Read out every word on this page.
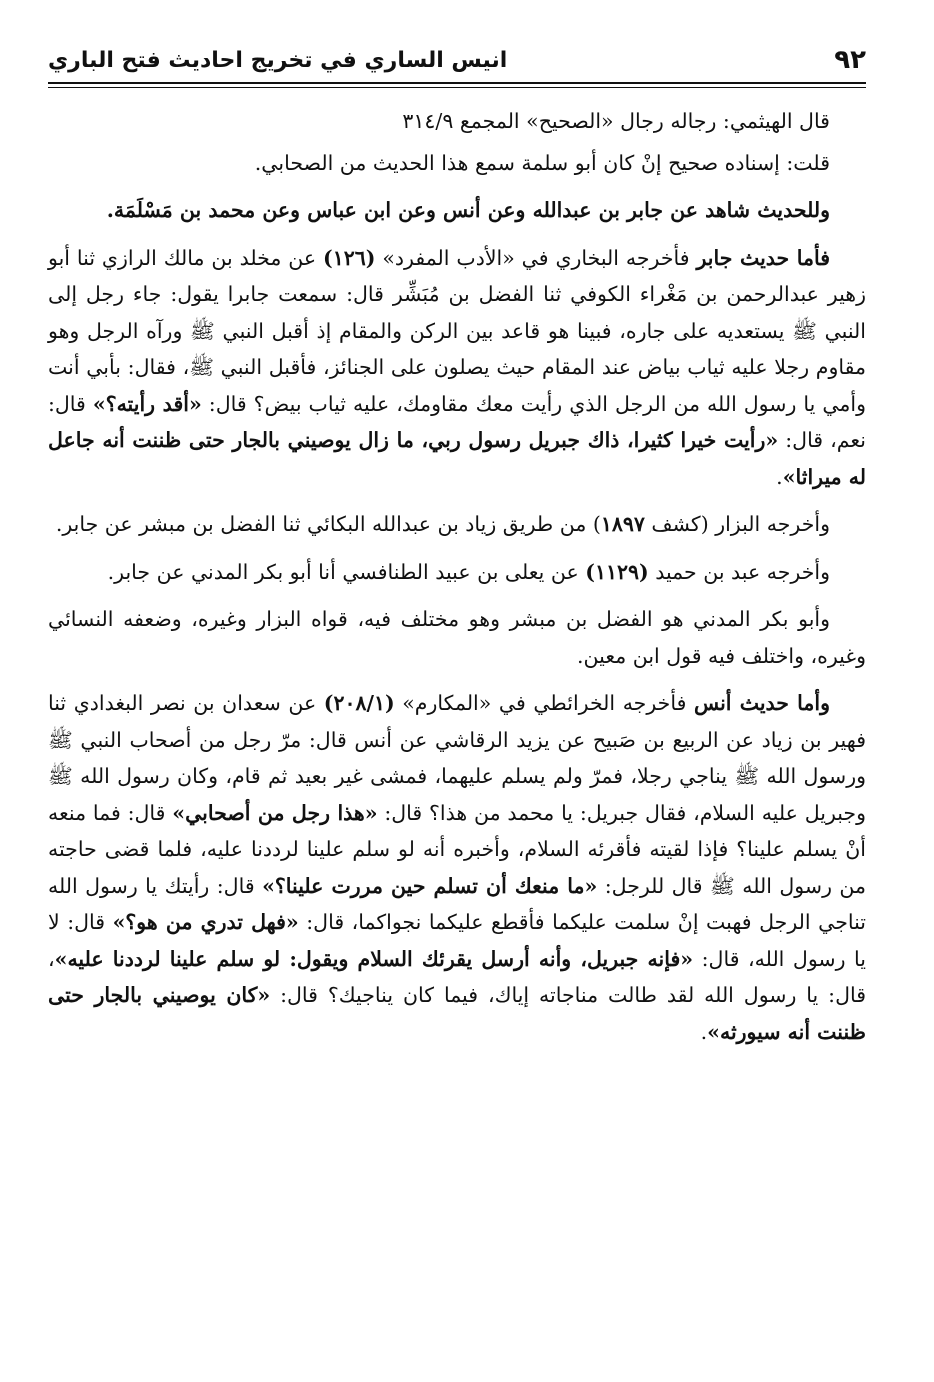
٩٢
انيس الساري في تخريج احاديث فتح الباري

قال الهيثمي: رجاله رجال «الصحيح» المجمع ٣١٤/٩

قلت: إسناده صحيح إنْ كان أبو سلمة سمع هذا الحديث من الصحابي.

وللحديث شاهد عن جابر بن عبدالله وعن أنس وعن ابن عباس وعن محمد بن مَسْلَمَة.

فأما حديث جابر فأخرجه البخاري في «الأدب المفرد» (١٢٦) عن مخلد بن مالك الرازي ثنا أبو زهير عبدالرحمن بن مَغْراء الكوفي ثنا الفضل بن مُبَشِّر قال: سمعت جابرا يقول: جاء رجل إلى النبي ﷺ يستعديه على جاره، فبينا هو قاعد بين الركن والمقام إذ أقبل النبي ﷺ ورآه الرجل وهو مقاوم رجلا عليه ثياب بياض عند المقام حيث يصلون على الجنائز، فأقبل النبي ﷺ، فقال: بأبي أنت وأمي يا رسول الله من الرجل الذي رأيت معك مقاومك، عليه ثياب بيض؟ قال: «أقد رأيته؟» قال: نعم، قال: «رأيت خيرا كثيرا، ذاك جبريل رسول ربي، ما زال يوصيني بالجار حتى ظننت أنه جاعل له ميراثا».

وأخرجه البزار (كشف ١٨٩٧) من طريق زياد بن عبدالله البكائي ثنا الفضل بن مبشر عن جابر.

وأخرجه عبد بن حميد (١١٢٩) عن يعلى بن عبيد الطنافسي أنا أبو بكر المدني عن جابر.

وأبو بكر المدني هو الفضل بن مبشر وهو مختلف فيه، قواه البزار وغيره، وضعفه النسائي وغيره، واختلف فيه قول ابن معين.

وأما حديث أنس فأخرجه الخرائطي في «المكارم» (٢٠٨/١) عن سعدان بن نصر البغدادي ثنا فهير بن زياد عن الربيع بن صَبيح عن يزيد الرقاشي عن أنس قال: مرّ رجل من أصحاب النبي ﷺ ورسول الله ﷺ يناجي رجلا، فمرّ ولم يسلم عليهما، فمشى غير بعيد ثم قام، وكان رسول الله ﷺ وجبريل عليه السلام، فقال جبريل: يا محمد من هذا؟ قال: «هذا رجل من أصحابي» قال: فما منعه أنْ يسلم علينا؟ فإذا لقيته فأقرئه السلام، وأخبره أنه لو سلم علينا لرددنا عليه، فلما قضى حاجته من رسول الله ﷺ قال للرجل: «ما منعك أن تسلم حين مررت علينا؟» قال: رأيتك يا رسول الله تناجي الرجل فهبت إنْ سلمت عليكما فأقطع عليكما نجواكما، قال: «فهل تدري من هو؟» قال: لا يا رسول الله، قال: «فإنه جبريل، وأنه أرسل يقرئك السلام ويقول: لو سلم علينا لرددنا عليه»، قال: يا رسول الله لقد طالت مناجاته إياك، فيما كان يناجيك؟ قال: «كان يوصيني بالجار حتى ظننت أنه سيورثه».
